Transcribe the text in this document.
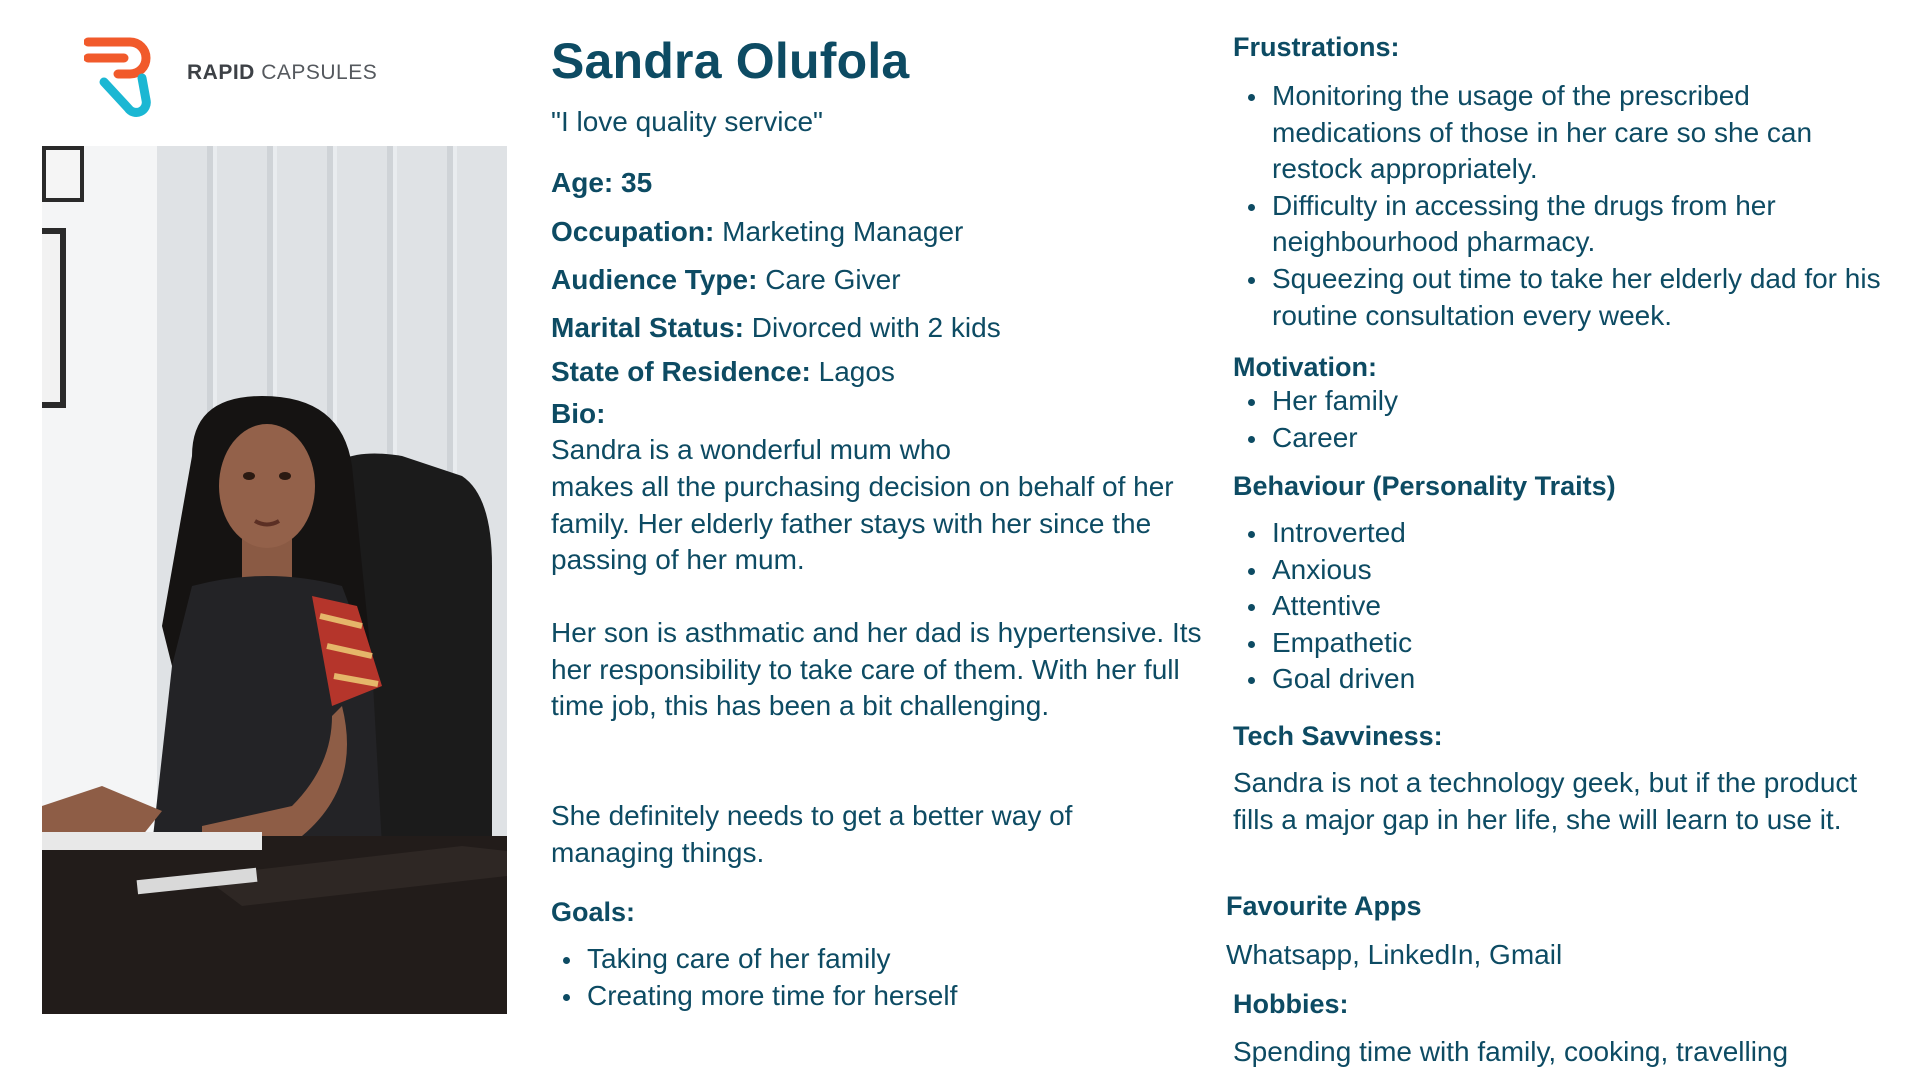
RAPID CAPSULES	Sandra Olufola
"I love quality service"
Age: 35
Occupation: Marketing Manager
Audience Type: Care Giver
Marital Status: Divorced with 2 kids
State of Residence: Lagos
Bio:
Sandra is a wonderful mum who
makes all the purchasing decision on behalf of her family. Her elderly father stays with her since the passing of her mum.
Her son is asthmatic and her dad is hypertensive. Its her responsibility to take care of them. With her full time job, this has been a bit challenging.
She definitely needs to get a better way of managing things.
Goals:
Taking care of her family
Creating more time for herself
Frustrations:
Monitoring the usage of the prescribed medications of those in her care so she can restock appropriately.
Difficulty in accessing the drugs from her neighbourhood pharmacy.
Squeezing out time to take her elderly dad for his routine consultation every week.
Motivation:
Her family
Career
Behaviour (Personality Traits)
Introverted
Anxious
Attentive
Empathetic
Goal driven
Tech Savviness:
Sandra is not a technology geek, but if the product fills a major gap in her life, she will learn to use it.
Favourite Apps
Whatsapp, LinkedIn, Gmail
Hobbies:
Spending time with family, cooking, travelling
